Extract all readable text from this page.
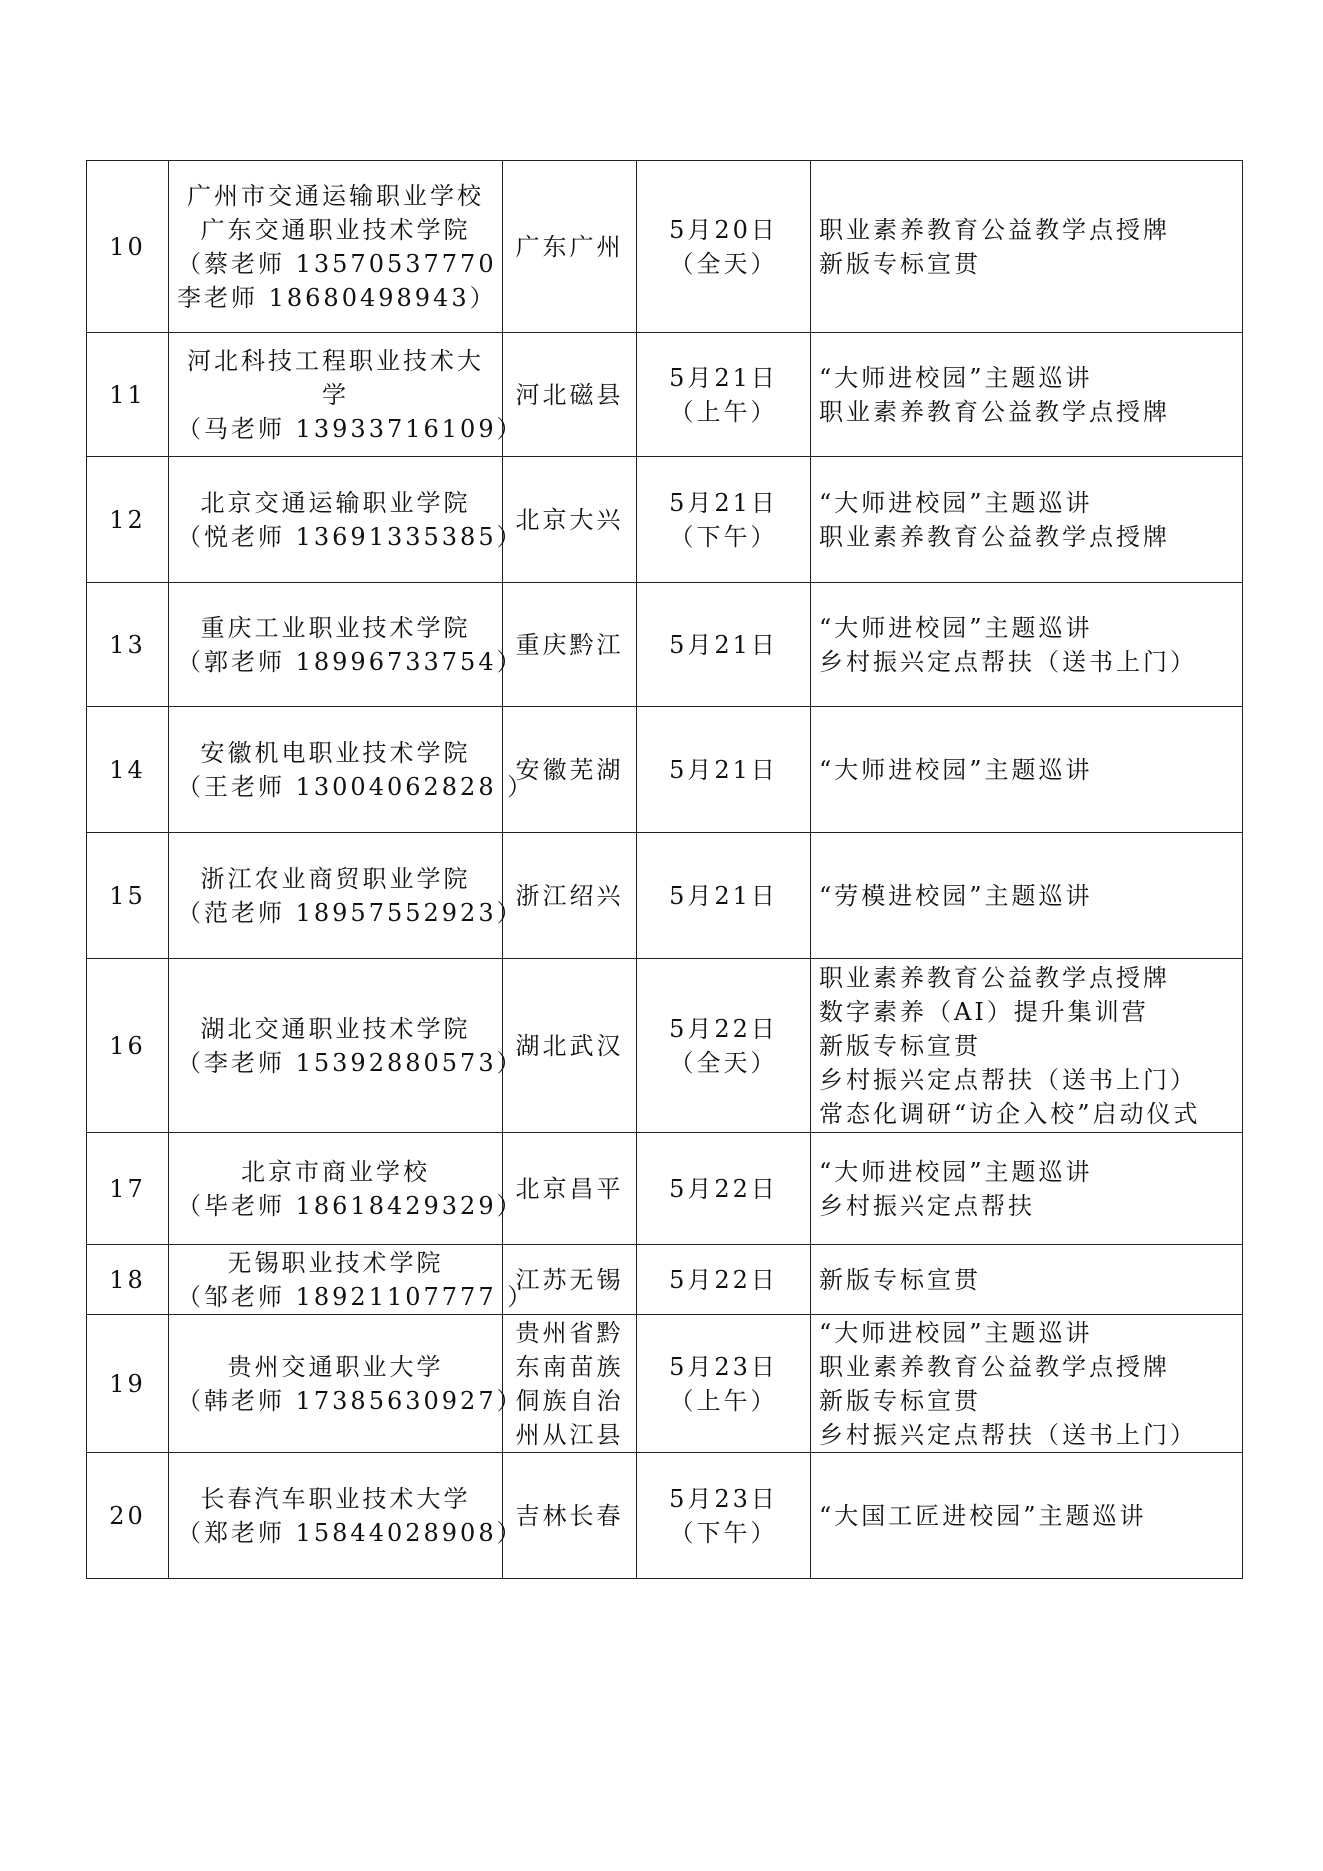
10	广州市交通运输职业学校
广东交通职业技术学院
（蔡老师 13570537770
李老师 18680498943）	广东广州	5月20日
（全天）	职业素养教育公益教学点授牌
新版专标宣贯

11	河北科技工程职业技术大
学
（马老师 13933716109）	河北磁县	5月21日
（上午）	“大师进校园”主题巡讲
职业素养教育公益教学点授牌

12	北京交通运输职业学院
（悦老师 13691335385）	北京大兴	5月21日
（下午）	“大师进校园”主题巡讲
职业素养教育公益教学点授牌

13	重庆工业职业技术学院
（郭老师 18996733754）	重庆黔江	5月21日	“大师进校园”主题巡讲
乡村振兴定点帮扶（送书上门）

14	安徽机电职业技术学院
（王老师 13004062828 ）	安徽芜湖	5月21日	“大师进校园”主题巡讲

15	浙江农业商贸职业学院
（范老师 18957552923）	浙江绍兴	5月21日	“劳模进校园”主题巡讲

16	湖北交通职业技术学院
（李老师 15392880573）	湖北武汉	5月22日
（全天）	职业素养教育公益教学点授牌
数字素养（AI）提升集训营
新版专标宣贯
乡村振兴定点帮扶（送书上门）
常态化调研“访企入校”启动仪式

17	北京市商业学校
（毕老师 18618429329）	北京昌平	5月22日	“大师进校园”主题巡讲
乡村振兴定点帮扶

18	无锡职业技术学院
（邹老师 18921107777 ）	江苏无锡	5月22日	新版专标宣贯

19	贵州交通职业大学
（韩老师 17385630927）	贵州省黔
东南苗族
侗族自治
州从江县	5月23日
（上午）	“大师进校园”主题巡讲
职业素养教育公益教学点授牌
新版专标宣贯
乡村振兴定点帮扶（送书上门）

20	长春汽车职业技术大学
（郑老师 15844028908）	吉林长春	5月23日
（下午）	“大国工匠进校园”主题巡讲
